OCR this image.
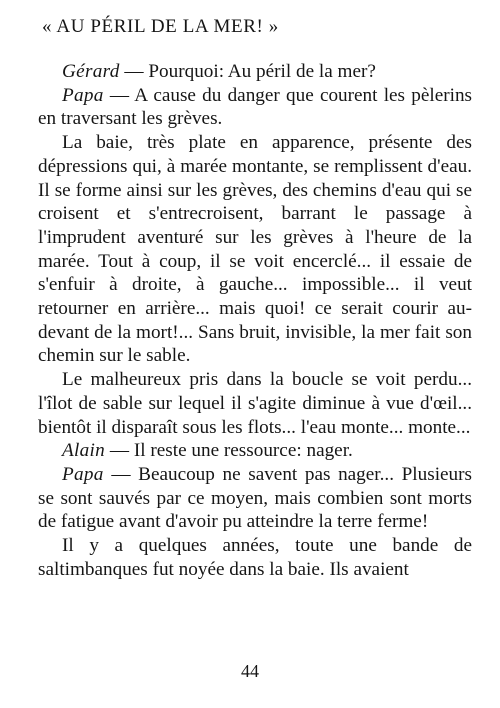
« AU PÉRIL DE LA MER! »

Gérard — Pourquoi: Au péril de la mer?

Papa — A cause du danger que courent les pèlerins en traversant les grèves.

La baie, très plate en apparence, présente des dépressions qui, à marée montante, se remplissent d'eau. Il se forme ainsi sur les grèves, des chemins d'eau qui se croisent et s'entrecroisent, barrant le passage à l'imprudent aventuré sur les grèves à l'heure de la marée. Tout à coup, il se voit encerclé... il essaie de s'enfuir à droite, à gauche... impossible... il veut retourner en arrière... mais quoi! ce serait courir au-devant de la mort!... Sans bruit, invisible, la mer fait son chemin sur le sable.

Le malheureux pris dans la boucle se voit perdu... l'îlot de sable sur lequel il s'agite diminue à vue d'œil... bientôt il disparaît sous les flots... l'eau monte... monte...

Alain — Il reste une ressource: nager.

Papa — Beaucoup ne savent pas nager... Plusieurs se sont sauvés par ce moyen, mais combien sont morts de fatigue avant d'avoir pu atteindre la terre ferme!

Il y a quelques années, toute une bande de saltimbanques fut noyée dans la baie. Ils avaient

44
